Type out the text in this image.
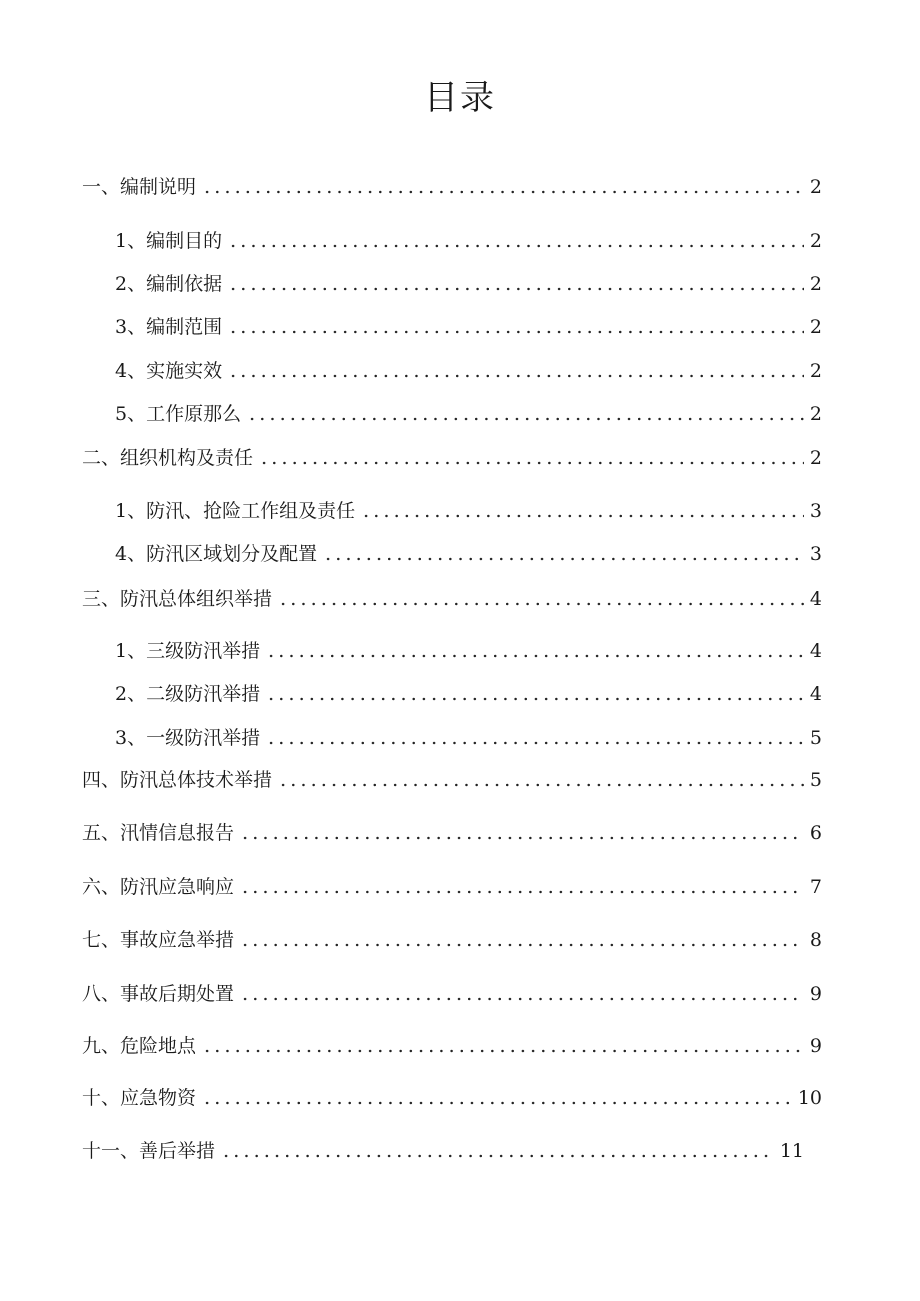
目录
一、编制说明	2
1、编制目的	2
2、编制依据	2
3、编制范围	2
4、实施实效	2
5、工作原那么	2
二、组织机构及责任	2
1、防汛、抢险工作组及责任	3
4、防汛区域划分及配置	3
三、防汛总体组织举措	4
1、三级防汛举措	4
2、二级防汛举措	4
3、一级防汛举措	5
四、防汛总体技术举措	5
五、汛情信息报告	6
六、防汛应急响应	7
七、事故应急举措	8
八、事故后期处置	9
九、危险地点	9
十、应急物资	10
十一、善后举措	11
